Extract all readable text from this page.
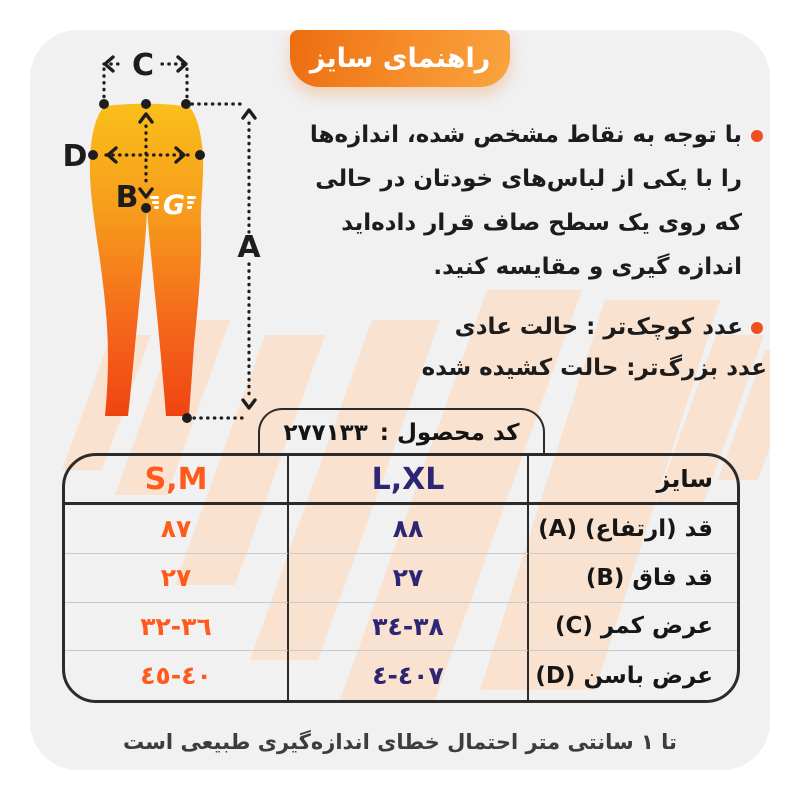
راهنمای سایز
G
C
B
D
A
با توجه به نقاط مشخص شده، اندازه‌ها
را با یکی از لباس‌های خودتان در حالی
که روی یک سطح صاف قرار داده‌اید
اندازه گیری و مقایسه کنید.
عدد کوچک‌تر : حالت عادی
عدد بزرگ‌تر: حالت کشیده شده
کد محصول :
۲۷۷۱۳۳
S,M	L,XL	سایز
۸۷	۸۸	قد (ارتفاع) (A)
۲۷	۲۷	قد فاق (B)
۳۲-۳٦	۳٤-۳۸	عرض کمر (C)
٤٠-٤٥	٤٠-٤۷	عرض باسن (D)
تا ۱ سانتی متر احتمال خطای اندازه‌گیری طبیعی است
